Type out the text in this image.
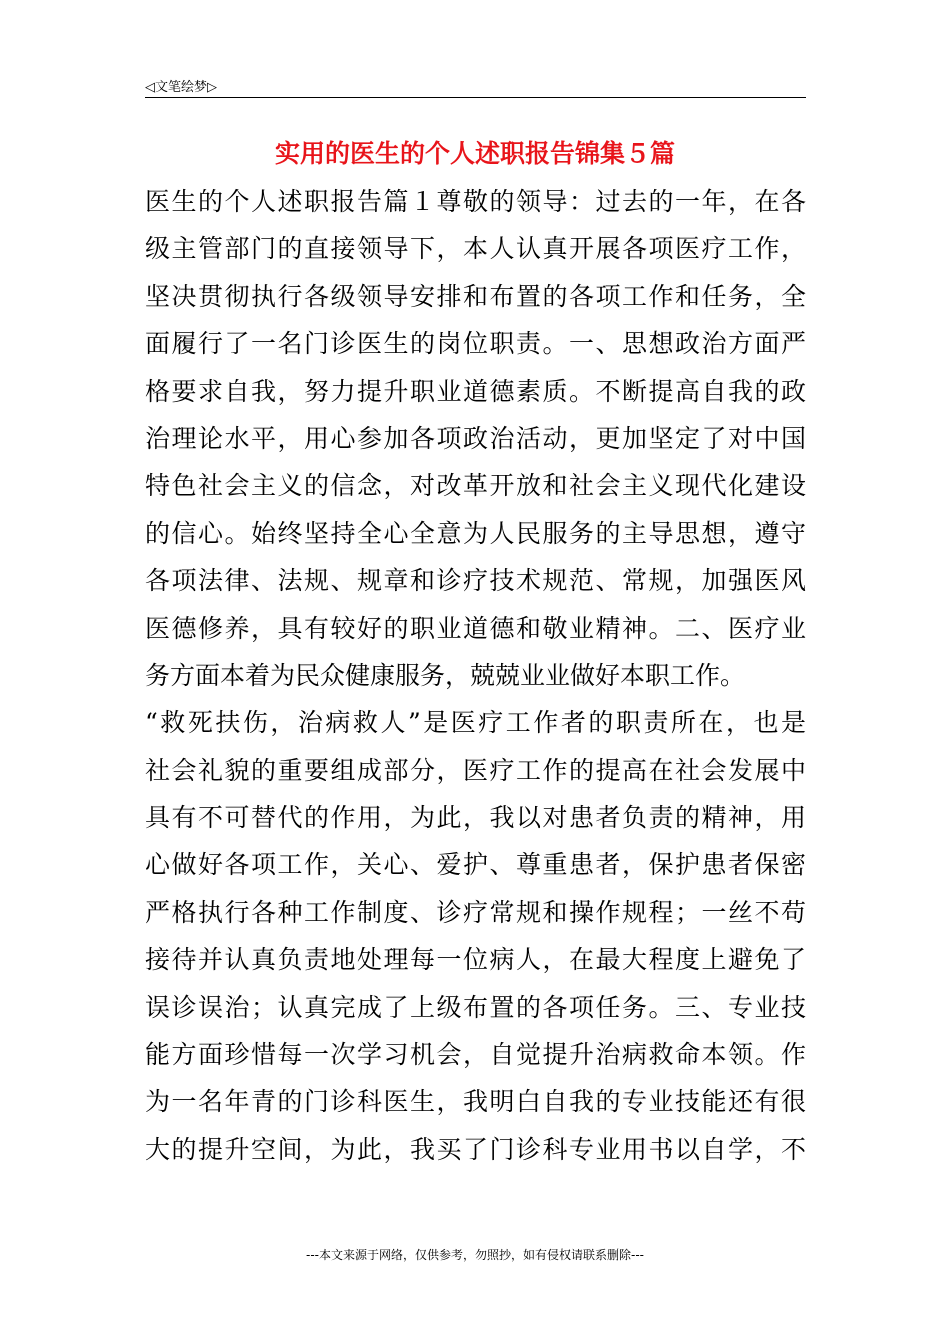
◁文笔绘梦▷
实用的医生的个人述职报告锦集５篇
医生的个人述职报告篇１尊敬的领导：过去的一年，在各
级主管部门的直接领导下，本人认真开展各项医疗工作，
坚决贯彻执行各级领导安排和布置的各项工作和任务，全
面履行了一名门诊医生的岗位职责。一、思想政治方面严
格要求自我，努力提升职业道德素质。不断提高自我的政
治理论水平，用心参加各项政治活动，更加坚定了对中国
特色社会主义的信念，对改革开放和社会主义现代化建设
的信心。始终坚持全心全意为人民服务的主导思想，遵守
各项法律、法规、规章和诊疗技术规范、常规，加强医风
医德修养，具有较好的职业道德和敬业精神。二、医疗业
务方面本着为民众健康服务，兢兢业业做好本职工作。
“救死扶伤，治病救人”是医疗工作者的职责所在，也是
社会礼貌的重要组成部分，医疗工作的提高在社会发展中
具有不可替代的作用，为此，我以对患者负责的精神，用
心做好各项工作，关心、爱护、尊重患者，保护患者保密
严格执行各种工作制度、诊疗常规和操作规程；一丝不苟
接待并认真负责地处理每一位病人，在最大程度上避免了
误诊误治；认真完成了上级布置的各项任务。三、专业技
能方面珍惜每一次学习机会，自觉提升治病救命本领。作
为一名年青的门诊科医生，我明白自我的专业技能还有很
大的提升空间，为此，我买了门诊科专业用书以自学，不
---本文来源于网络，仅供参考，勿照抄，如有侵权请联系删除---
